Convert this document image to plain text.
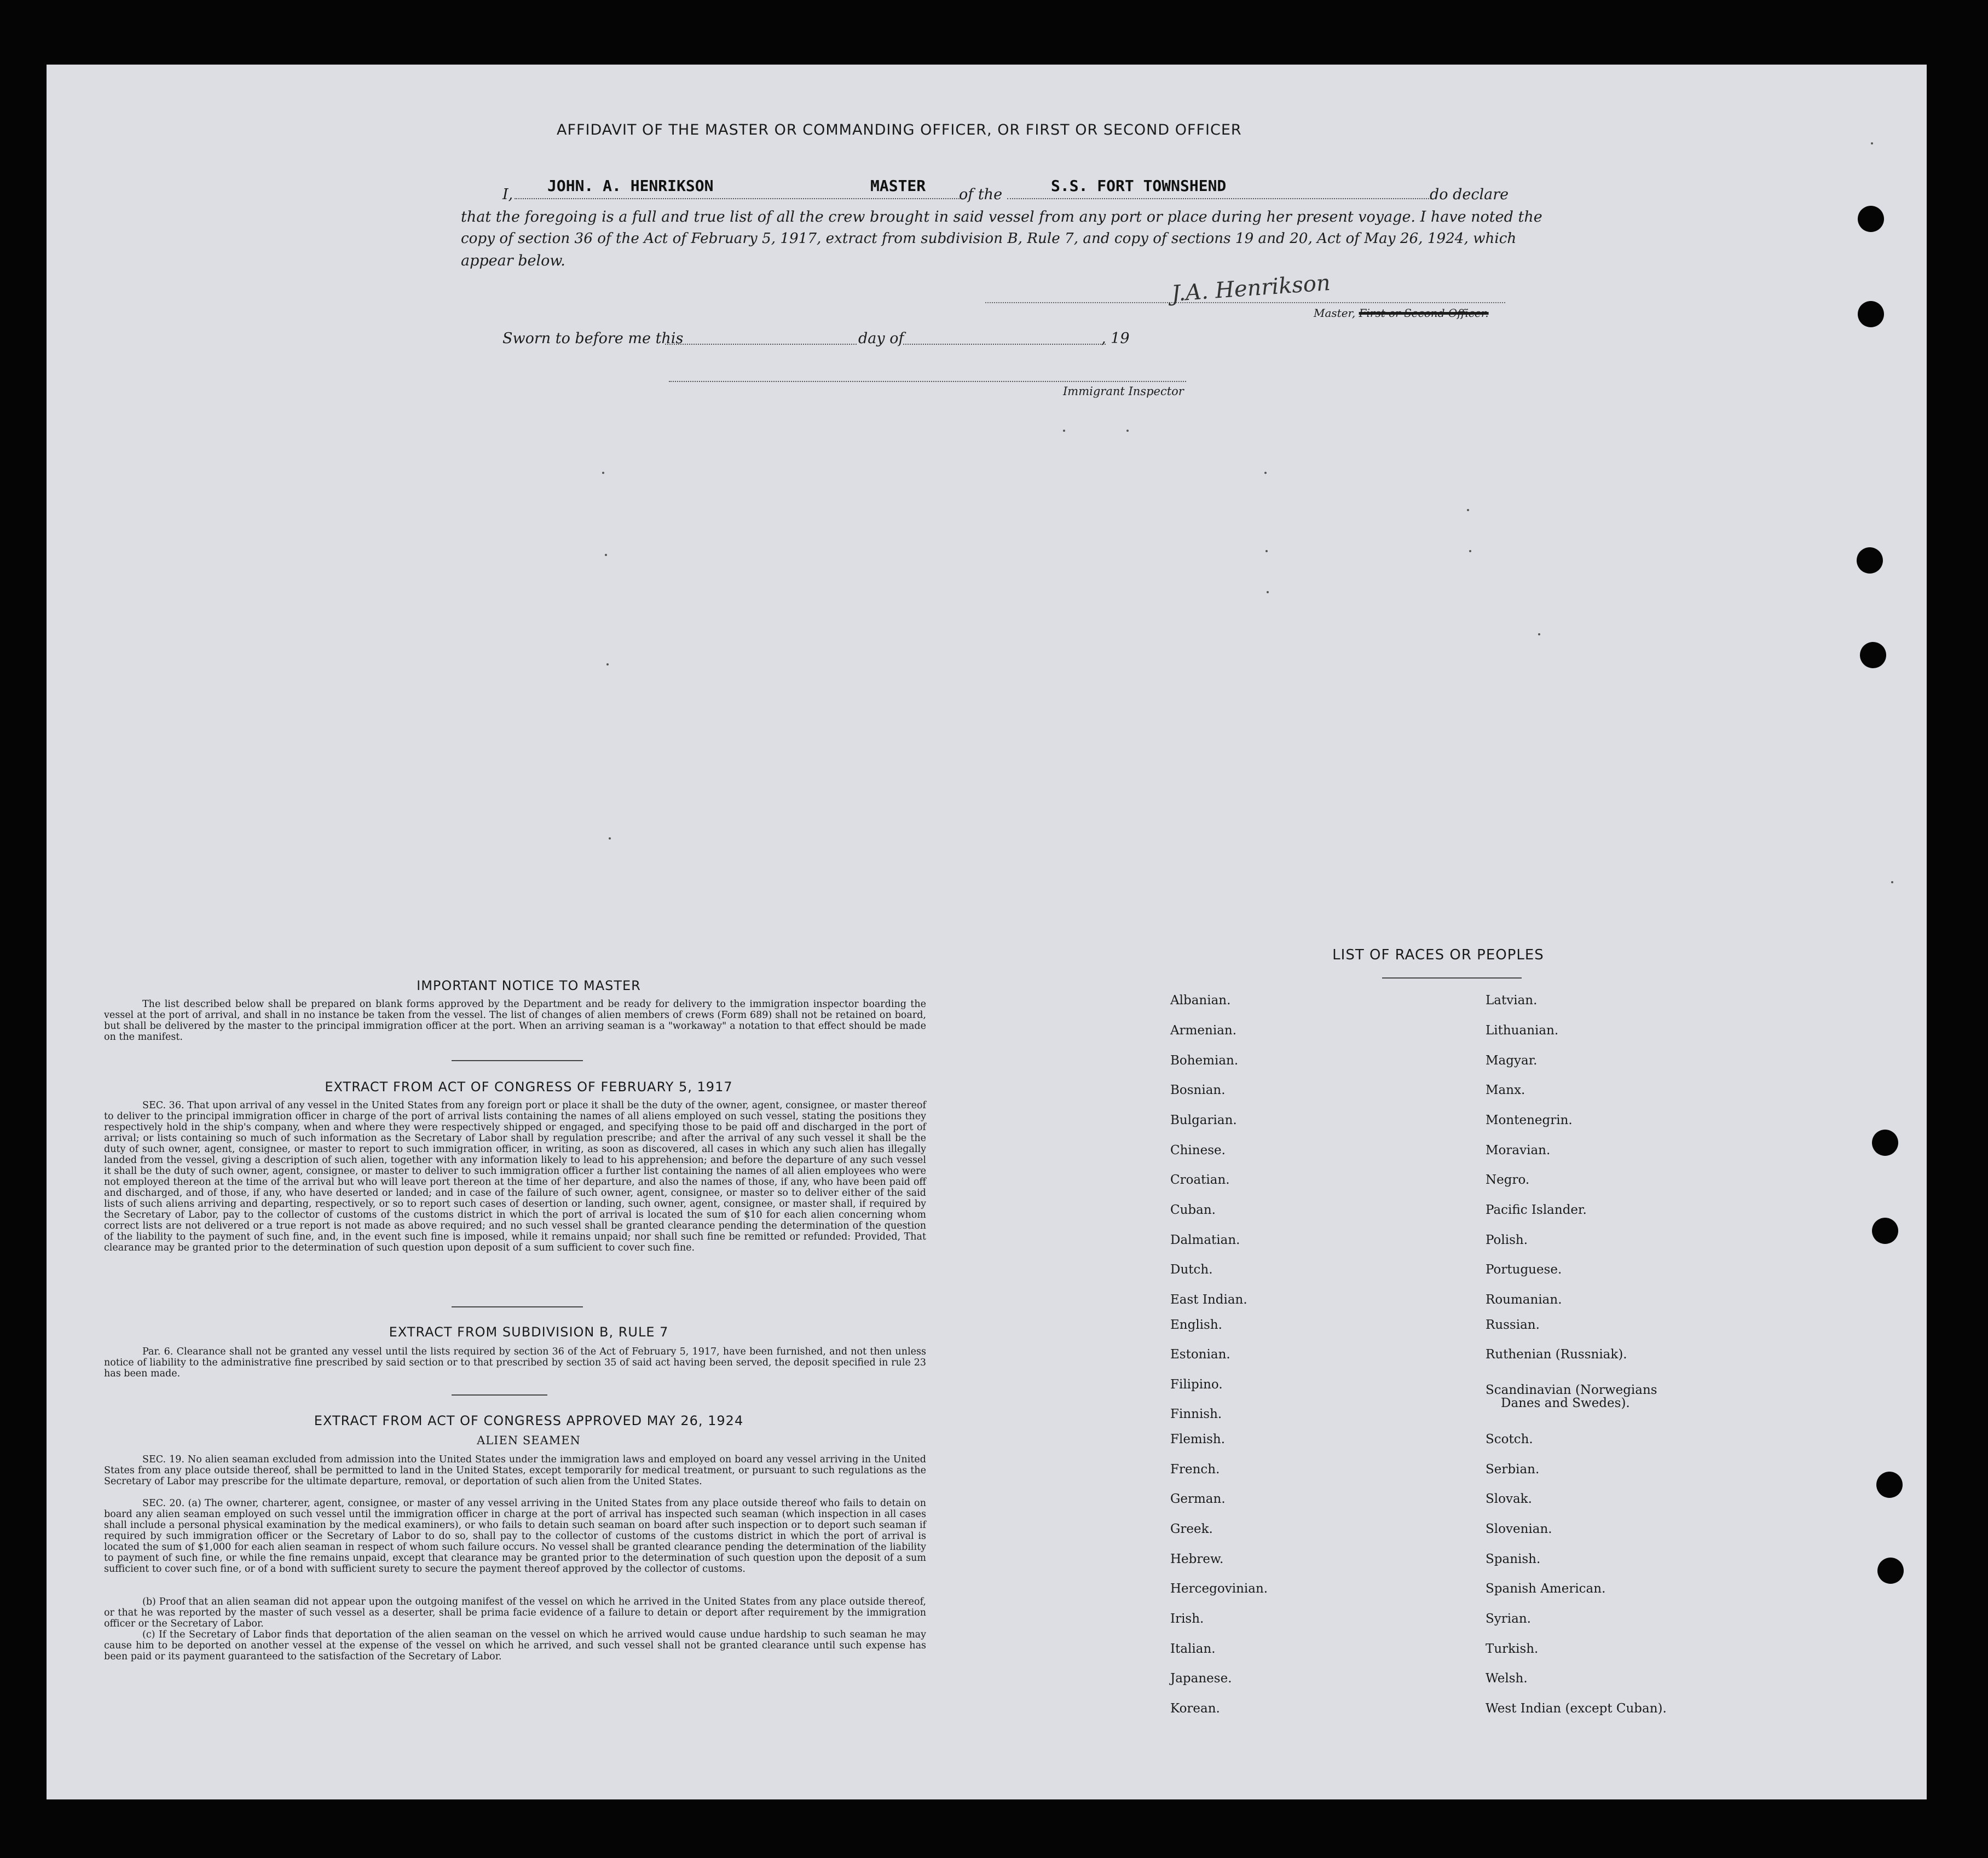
AFFIDAVIT OF THE MASTER OR COMMANDING OFFICER, OR FIRST OR SECOND OFFICER
I, JOHN. A. HENRIKSON	MASTER of the	S.S. FORT TOWNSHEND	do declare
that the foregoing is a full and true list of all the crew brought in said vessel from any port or place during her present voyage. I have noted the
copy of section 36 of the Act of February 5, 1917, extract from subdivision B, Rule 7, and copy of sections 19 and 20, Act of May 26, 1924, which
appear below.
J.A. Henrikson
Master, First or Second Officer.
Sworn to before me this	day of	, 19
Immigrant Inspector
IMPORTANT NOTICE TO MASTER
The list described below shall be prepared on blank forms approved by the Department and be ready for delivery to the immigration inspector boarding the vessel at the port of arrival, and shall in no instance be taken from the vessel. The list of changes of alien members of crews (Form 689) shall not be retained on board, but shall be delivered by the master to the principal immigration officer at the port. When an arriving seaman is a "workaway" a notation to that effect should be made on the manifest.
EXTRACT FROM ACT OF CONGRESS OF FEBRUARY 5, 1917
SEC. 36. That upon arrival of any vessel in the United States from any foreign port or place it shall be the duty of the owner, agent, consignee, or master thereof to deliver to the principal immigration officer in charge of the port of arrival lists containing the names of all aliens employed on such vessel, stating the positions they respectively hold in the ship's company, when and where they were respectively shipped or engaged, and specifying those to be paid off and discharged in the port of arrival; or lists containing so much of such information as the Secretary of Labor shall by regulation prescribe; and after the arrival of any such vessel it shall be the duty of such owner, agent, consignee, or master to report to such immigration officer, in writing, as soon as discovered, all cases in which any such alien has illegally landed from the vessel, giving a description of such alien, together with any information likely to lead to his apprehension; and before the departure of any such vessel it shall be the duty of such owner, agent, consignee, or master to deliver to such immigration officer a further list containing the names of all alien employees who were not employed thereon at the time of the arrival but who will leave port thereon at the time of her departure, and also the names of those, if any, who have been paid off and discharged, and of those, if any, who have deserted or landed; and in case of the failure of such owner, agent, consignee, or master so to deliver either of the said lists of such aliens arriving and departing, respectively, or so to report such cases of desertion or landing, such owner, agent, consignee, or master shall, if required by the Secretary of Labor, pay to the collector of customs of the customs district in which the port of arrival is located the sum of $10 for each alien concerning whom correct lists are not delivered or a true report is not made as above required; and no such vessel shall be granted clearance pending the determination of the question of the liability to the payment of such fine, and, in the event such fine is imposed, while it remains unpaid; nor shall such fine be remitted or refunded: Provided, That clearance may be granted prior to the determination of such question upon deposit of a sum sufficient to cover such fine.
EXTRACT FROM SUBDIVISION B, RULE 7
Par. 6. Clearance shall not be granted any vessel until the lists required by section 36 of the Act of February 5, 1917, have been furnished, and not then unless notice of liability to the administrative fine prescribed by said section or to that prescribed by section 35 of said act having been served, the deposit specified in rule 23 has been made.
EXTRACT FROM ACT OF CONGRESS APPROVED MAY 26, 1924
ALIEN SEAMEN
SEC. 19. No alien seaman excluded from admission into the United States under the immigration laws and employed on board any vessel arriving in the United States from any place outside thereof, shall be permitted to land in the United States, except temporarily for medical treatment, or pursuant to such regulations as the Secretary of Labor may prescribe for the ultimate departure, removal, or deportation of such alien from the United States.
SEC. 20. (a) The owner, charterer, agent, consignee, or master of any vessel arriving in the United States from any place outside thereof who fails to detain on board any alien seaman employed on such vessel until the immigration officer in charge at the port of arrival has inspected such seaman (which inspection in all cases shall include a personal physical examination by the medical examiners), or who fails to detain such seaman on board after such inspection or to deport such seaman if required by such immigration officer or the Secretary of Labor to do so, shall pay to the collector of customs of the customs district in which the port of arrival is located the sum of $1,000 for each alien seaman in respect of whom such failure occurs. No vessel shall be granted clearance pending the determination of the liability to payment of such fine, or while the fine remains unpaid, except that clearance may be granted prior to the determination of such question upon the deposit of a sum sufficient to cover such fine, or of a bond with sufficient surety to secure the payment thereof approved by the collector of customs.
(b) Proof that an alien seaman did not appear upon the outgoing manifest of the vessel on which he arrived in the United States from any place outside thereof, or that he was reported by the master of such vessel as a deserter, shall be prima facie evidence of a failure to detain or deport after requirement by the immigration officer or the Secretary of Labor.
(c) If the Secretary of Labor finds that deportation of the alien seaman on the vessel on which he arrived would cause undue hardship to such seaman he may cause him to be deported on another vessel at the expense of the vessel on which he arrived, and such vessel shall not be granted clearance until such expense has been paid or its payment guaranteed to the satisfaction of the Secretary of Labor.
LIST OF RACES OR PEOPLES
Albanian.
Armenian.
Bohemian.
Bosnian.
Bulgarian.
Chinese.
Croatian.
Cuban.
Dalmatian.
Dutch.
East Indian.
English.
Estonian.
Filipino.
Finnish.
Flemish.
French.
German.
Greek.
Hebrew.
Hercegovinian.
Irish.
Italian.
Japanese.
Korean.
Latvian.
Lithuanian.
Magyar.
Manx.
Montenegrin.
Moravian.
Negro.
Pacific Islander.
Polish.
Portuguese.
Roumanian.
Russian.
Ruthenian (Russniak).
Scandinavian (Norwegians
Danes and Swedes).
Scotch.
Serbian.
Slovak.
Slovenian.
Spanish.
Spanish American.
Syrian.
Turkish.
Welsh.
West Indian (except Cuban).
